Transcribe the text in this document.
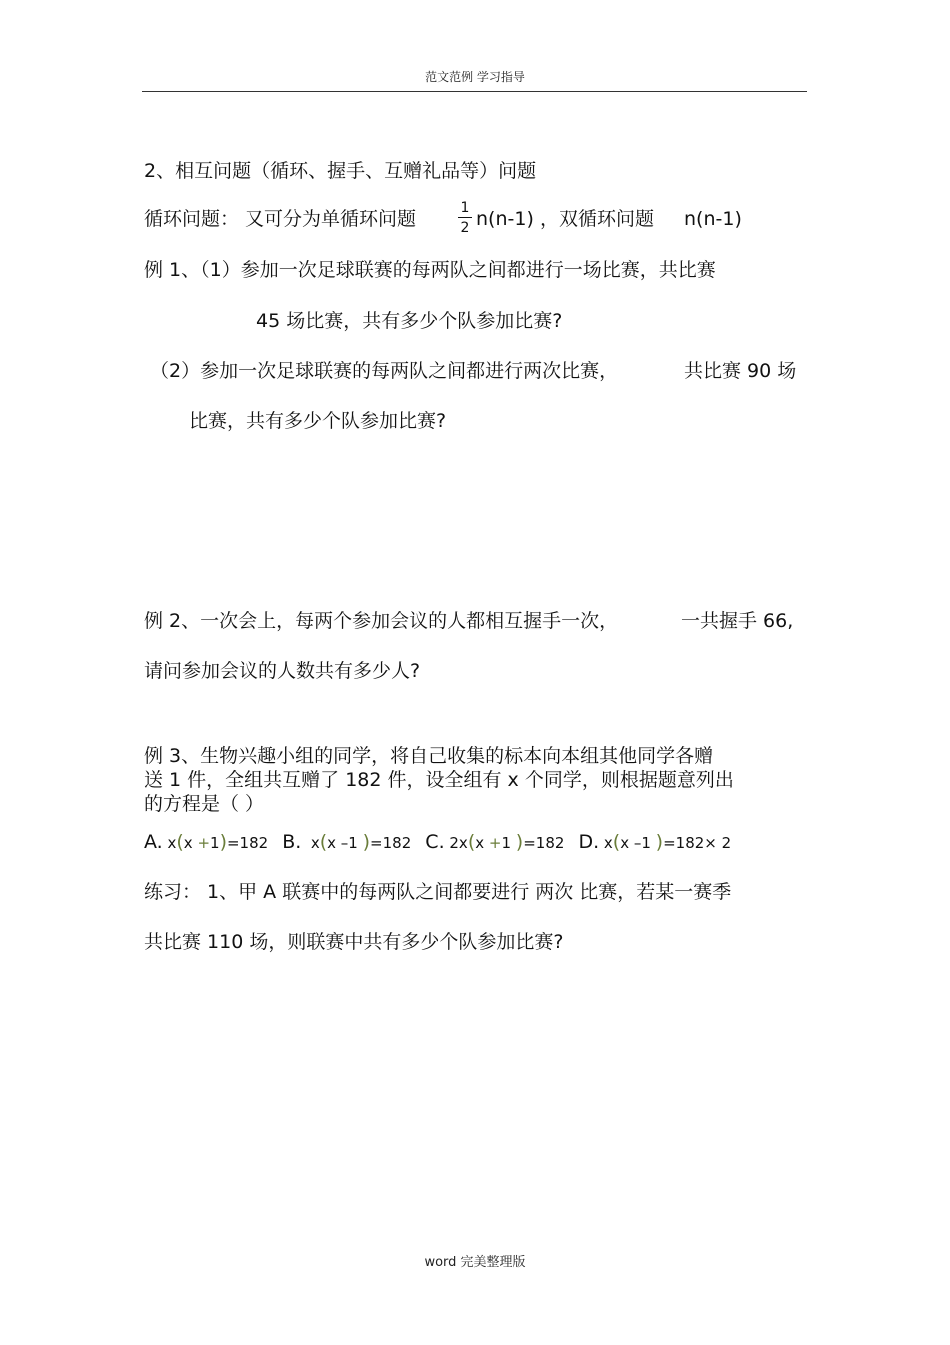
范文范例 学习指导
2、相互问题（循环、握手、互赠礼品等）问题
循环问题： 又可分为单循环问题	1
2 n(n-1) ，双循环问题 n(n-1)
例 1、（1）参加一次足球联赛的每两队之间都进行一场比赛，共比赛
45 场比赛，共有多少个队参加比赛?
（2）参加一次足球联赛的每两队之间都进行两次比赛，	共比赛 90 场
比赛，共有多少个队参加比赛?
例 2、一次会上，每两个参加会议的人都相互握手一次，	一共握手 66,
请问参加会议的人数共有多少人?
例 3、生物兴趣小组的同学，将自己收集的标本向本组其他同学各赠
送 1 件，全组共互赠了 182 件，设全组有 x 个同学，则根据题意列出
的方程是（ ）
A. x(x +1)=182 B.  x(x –1 )=182 C. 2x(x +1 )=182 D. x(x –1 )=182× 2
练习： 1、甲 A 联赛中的每两队之间都要进行 两次 比赛，若某一赛季
共比赛 110 场，则联赛中共有多少个队参加比赛?
word 完美整理版
